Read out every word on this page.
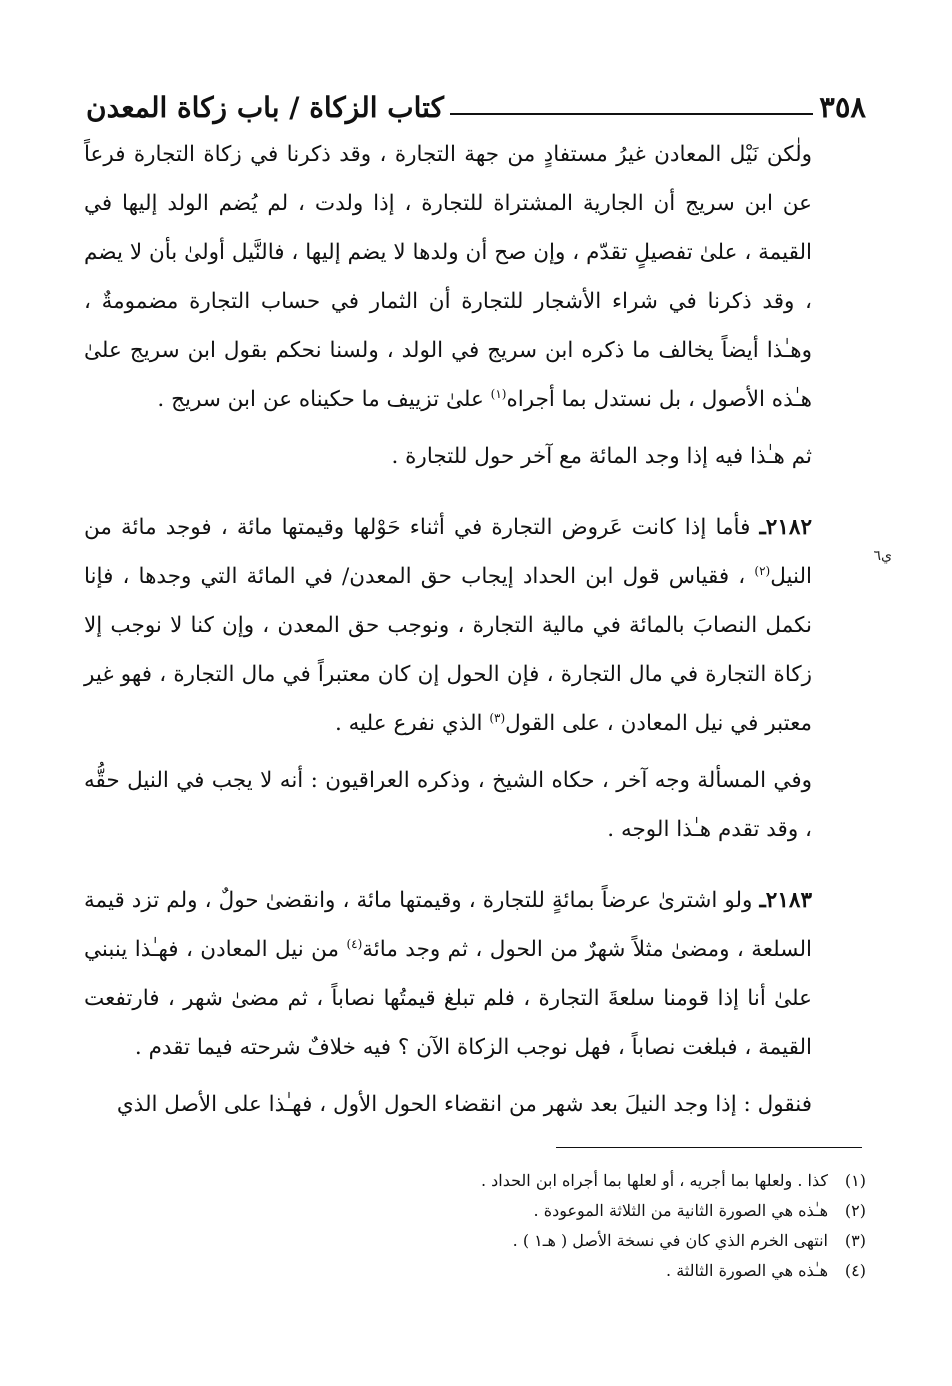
٣٥٨
كتاب الزكاة / باب زكاة المعدن
ي٦

ولٰكن نَيْل المعادن غيرُ مستفادٍ من جهة التجارة ، وقد ذكرنا في زكاة التجارة فرعاً عن ابن سريج أن الجارية المشتراة للتجارة ، إذا ولدت ، لم يُضم الولد إليها في القيمة ، علىٰ تفصيلٍ تقدّم ، وإن صح أن ولدها لا يضم إليها ، فالنَّيل أولىٰ بأن لا يضم ، وقد ذكرنا في شراء الأشجار للتجارة أن الثمار في حساب التجارة مضمومةٌ ، وهـٰذا أيضاً يخالف ما ذكره ابن سريج في الولد ، ولسنا نحكم بقول ابن سريج علىٰ هـٰذه الأصول ، بل نستدل بما أجراه$^{(١)}$ علىٰ تزييف ما حكيناه عن ابن سريج .

ثم هـٰذا فيه إذا وجد المائة مع آخر حول للتجارة .

٢١٨٢ـ فأما إذا كانت عَروض التجارة في أثناء حَوْلها وقيمتها مائة ، فوجد مائة من النيل$^{(٢)}$ ، فقياس قول ابن الحداد إيجاب حق المعدن/ في المائة التي وجدها ، فإنا نكمل النصابَ بالمائة في مالية التجارة ، ونوجب حق المعدن ، وإن كنا لا نوجب إلا زكاة التجارة في مال التجارة ، فإن الحول إن كان معتبراً في مال التجارة ، فهو غير معتبر في نيل المعادن ، على القول$^{(٣)}$ الذي نفرع عليه .

وفي المسألة وجه آخر ، حكاه الشيخ ، وذكره العراقيون : أنه لا يجب في النيل حقُّه ، وقد تقدم هـٰذا الوجه .

٢١٨٣ـ ولو اشترىٰ عرضاً بمائةٍ للتجارة ، وقيمتها مائة ، وانقضىٰ حولٌ ، ولم تزد قيمة السلعة ، ومضىٰ مثلاً شهرٌ من الحول ، ثم وجد مائة$^{(٤)}$ من نيل المعادن ، فهـٰذا ينبني علىٰ أنا إذا قومنا سلعةَ التجارة ، فلم تبلغ قيمتُها نصاباً ، ثم مضىٰ شهر ، فارتفعت القيمة ، فبلغت نصاباً ، فهل نوجب الزكاة الآن ؟ فيه خلافٌ شرحته فيما تقدم .

فنقول : إذا وجد النيلَ بعد شهر من انقضاء الحول الأول ، فهـٰذا على الأصل الذي

(١)
كذا . ولعلها بما أجريه ، أو لعلها بما أجراه ابن الحداد .
(٢)
هـٰذه هي الصورة الثانية من الثلاثة الموعودة .
(٣)
انتهى الخرم الذي كان في نسخة الأصل ( هـ١ ) .
(٤)
هـٰذه هي الصورة الثالثة .
